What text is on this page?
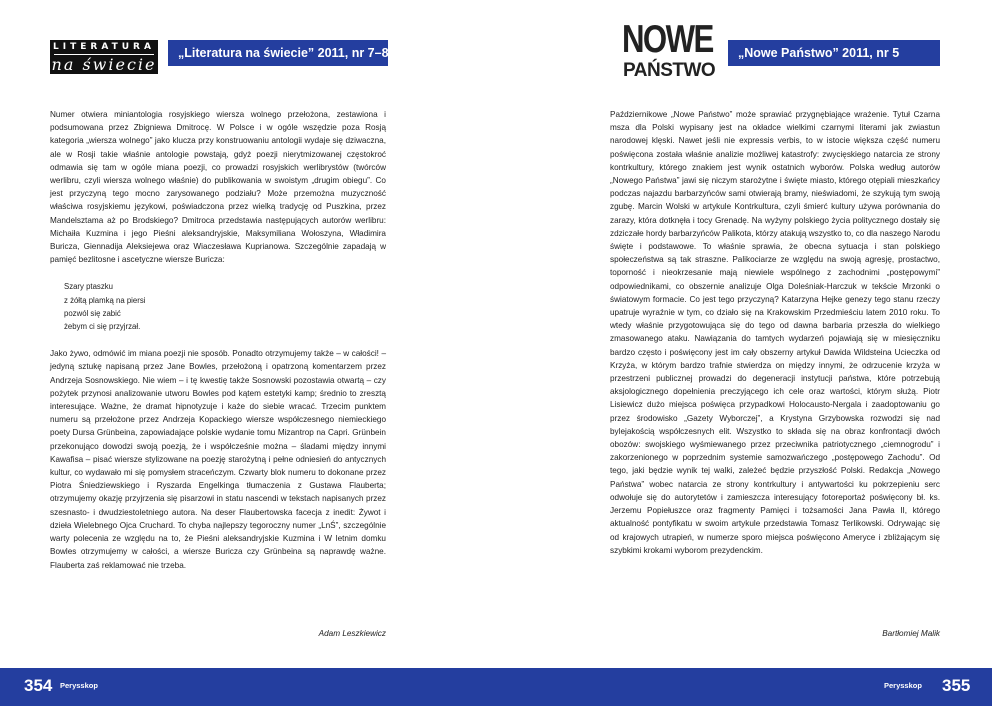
LITERATURA
na świecie
„Literatura na świecie” 2011, nr 7–8

Numer otwiera miniantologia rosyjskiego wiersza wolnego przełożona, zestawiona i podsumowana przez Zbigniewa Dmitrocę. W Polsce i w ogóle wszędzie poza Rosją kategoria „wiersza wolnego” jako klucza przy konstruowaniu antologii wydaje się dziwaczna, ale w Rosji takie właśnie antologie powstają, gdyż poezji nierytmizowanej częstokroć odmawia się tam w ogóle miana poezji, co prowadzi rosyjskich werlibrystów (twórców werlibru, czyli wiersza wolnego właśnie) do publikowania w swoistym „drugim obiegu”. Co jest przyczyną tego mocno zarysowanego podziału? Może przemożna muzyczność właściwa rosyjskiemu językowi, poświadczona przez wielką tradycję od Puszkina, przez Mandelsztama aż po Brodskiego? Dmitroca przedstawia następujących autorów werlibru: Michaiła Kuzmina i jego Pieśni aleksandryjskie, Maksymiliana Wołoszyna, Władimira Buricza, Giennadija Aleksiejewa oraz Wiaczesława Kuprianowa. Szczególnie zapadają w pamięć bezlitosne i ascetyczne wiersze Buricza:

Szary ptaszku
z żółtą plamką na piersi
pozwól się zabić
żebym ci się przyjrzał.

Jako żywo, odmówić im miana poezji nie sposób. Ponadto otrzymujemy także – w całości! – jedyną sztukę napisaną przez Jane Bowles, przełożoną i opatrzoną komentarzem przez Andrzeja Sosnowskiego. Nie wiem – i tę kwestię także Sosnowski pozostawia otwartą – czy pożytek przynosi analizowanie utworu Bowles pod kątem estetyki kamp; średnio to zresztą interesujące. Ważne, że dramat hipnotyzuje i każe do siebie wracać. Trzecim punktem numeru są przełożone przez Andrzeja Kopackiego wiersze współczesnego niemieckiego poety Dursa Grünbeina, zapowiadające polskie wydanie tomu Mizantrop na Capri. Grünbein przekonująco dowodzi swoją poezją, że i współcześnie można – śladami między innymi Kawafisa – pisać wiersze stylizowane na poezję starożytną i pełne odniesień do antycznych kultur, co wydawało mi się pomysłem straceńczym. Czwarty blok numeru to dokonane przez Piotra Śniedziewskiego i Ryszarda Engelkinga tłumaczenia z Gustawa Flauberta; otrzymujemy okazję przyjrzenia się pisarzowi in statu nascendi w tekstach napisanych przez szesnasto- i dwudziestoletniego autora. Na deser Flaubertowska facecja z inedit: Żywot i dzieła Wielebnego Ojca Cruchard. To chyba najlepszy tegoroczny numer „LnŚ”, szczególnie warty polecenia ze względu na to, że Pieśni aleksandryjskie Kuzmina i W letnim domku Bowles otrzymujemy w całości, a wiersze Buricza czy Grünbeina są naprawdę ważne. Flauberta zaś reklamować nie trzeba.

Adam Leszkiewicz
NOWE
PAŃSTWO
„Nowe Państwo” 2011, nr 5

Październikowe „Nowe Państwo” może sprawiać przygnębiające wrażenie. Tytuł Czarna msza dla Polski wypisany jest na okładce wielkimi czarnymi literami jak zwiastun narodowej klęski. Nawet jeśli nie expressis verbis, to w istocie większa część numeru poświęcona została właśnie analizie możliwej katastrofy: zwycięskiego natarcia ze strony kontrkultury, którego znakiem jest wynik ostatnich wyborów. Polska według autorów „Nowego Państwa” jawi się niczym starożytne i święte miasto, którego otępiali mieszkańcy podczas najazdu barbarzyńców sami otwierają bramy, nieświadomi, że szykują tym swoją zgubę. Marcin Wolski w artykule Kontrkultura, czyli śmierć kultury używa porównania do zarazy, która dotknęła i tocy Grenadę. Na wyżyny polskiego życia politycznego dostały się zdziczałe hordy barbarzyńców Palikota, którzy atakują wszystko to, co dla naszego Narodu święte i podstawowe. To właśnie sprawia, że obecna sytuacja i stan polskiego społeczeństwa są tak straszne. Palikociarze ze względu na swoją agresję, prostactwo, toporność i nieokrzesanie mają niewiele wspólnego z zachodnimi „postępowymi” odpowiednikami, co obszernie analizuje Olga Doleśniak-Harczuk w tekście Mrzonki o światowym formacie. Co jest tego przyczyną? Katarzyna Hejke genezy tego stanu rzeczy upatruje wyraźnie w tym, co działo się na Krakowskim Przedmieściu latem 2010 roku. To wtedy właśnie przygotowująca się do tego od dawna barbaria przeszła do wielkiego zmasowanego ataku. Nawiązania do tamtych wydarzeń pojawiają się w miesięczniku bardzo często i poświęcony jest im cały obszerny artykuł Dawida Wildsteina Ucieczka od Krzyża, w którym bardzo trafnie stwierdza on między innymi, że odrzucenie krzyża w przestrzeni publicznej prowadzi do degeneracji instytucji państwa, które potrzebują aksjologicznego dopełnienia preczyjącego ich cele oraz wartości, którym służą. Piotr Lisiewicz dużo miejsca poświęca przypadkowi Holocausto-Nergala i zaadoptowaniu go przez środowisko „Gazety Wyborczej”, a Krystyna Grzybowska rozwodzi się nad bylejakością współczesnych elit. Wszystko to składa się na obraz konfrontacji dwóch obozów: swojskiego wyśmiewanego przez przeciwnika patriotycznego „ciemnogrodu” i zakorzenionego w poprzednim systemie samozwańczego „postępowego Zachodu”. Od tego, jaki będzie wynik tej walki, zależeć będzie przyszłość Polski. Redakcja „Nowego Państwa” wobec natarcia ze strony kontrkultury i antywartości ku pokrzepieniu serc odwołuje się do autorytetów i zamieszcza interesujący fotoreportaż poświęcony bł. ks. Jerzemu Popiełuszce oraz fragmenty Pamięci i tożsamości Jana Pawła II, którego aktualność pontyfikatu w swoim artykule przedstawia Tomasz Terlikowski. Odrywając się od krajowych utrapień, w numerze sporo miejsca poświęcono Ameryce i zbliżającym się szybkimi krokami wyborom prezydenckim.

Bartłomiej Malik
354 Perysskop	Perysskop 355
